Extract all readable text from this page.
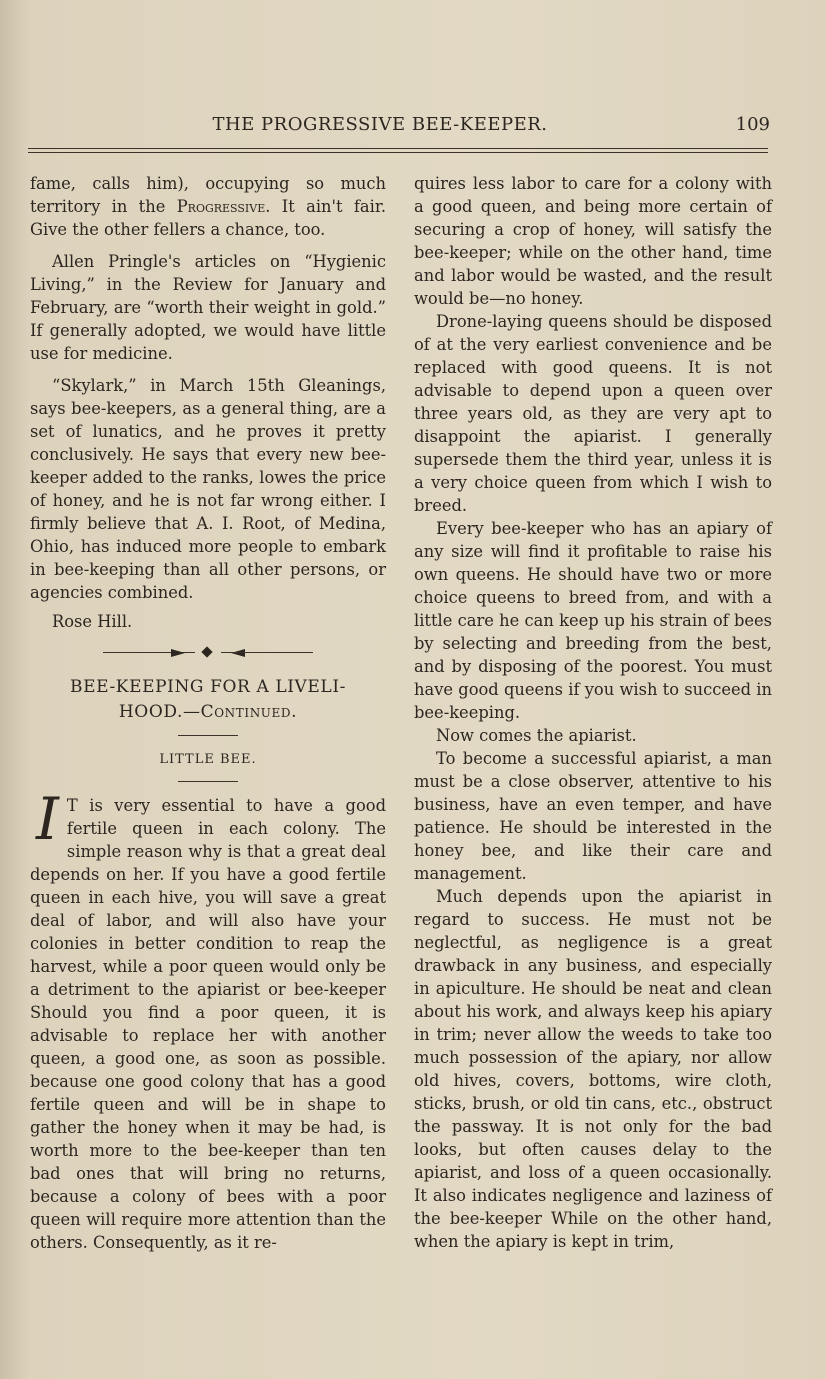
THE PROGRESSIVE BEE-KEEPER.	109

fame, calls him), occupying so much territory in the Progressive. It ain't fair. Give the other fellers a chance, too.

Allen Pringle's articles on “Hygienic Living,” in the Review for January and February, are “worth their weight in gold.” If generally adopted, we would have little use for medicine.

“Skylark,” in March 15th Gleanings, says bee-keepers, as a general thing, are a set of lunatics, and he proves it pretty conclusively. He says that every new bee-keeper added to the ranks, lowes the price of honey, and he is not far wrong either. I firmly believe that A. I. Root, of Medina, Ohio, has induced more people to embark in bee-keeping than all other persons, or agencies combined.

Rose Hill.

BEE-KEEPING FOR A LIVELI-
HOOD.—Continued.

LITTLE BEE.

I T is very essential to have a good fertile queen in each colony. The simple reason why is that a great deal depends on her. If you have a good fertile queen in each hive, you will save a great deal of labor, and will also have your colonies in better condition to reap the harvest, while a poor queen would only be a detriment to the apiarist or bee-keeper Should you find a poor queen, it is advisable to replace her with another queen, a good one, as soon as possible. because one good colony that has a good fertile queen and will be in shape to gather the honey when it may be had, is worth more to the bee-keeper than ten bad ones that will bring no returns, because a colony of bees with a poor queen will require more attention than the others. Consequently, as it re-

quires less labor to care for a colony with a good queen, and being more certain of securing a crop of honey, will satisfy the bee-keeper; while on the other hand, time and labor would be wasted, and the result would be—no honey.

Drone-laying queens should be disposed of at the very earliest convenience and be replaced with good queens. It is not advisable to depend upon a queen over three years old, as they are very apt to disappoint the apiarist. I generally supersede them the third year, unless it is a very choice queen from which I wish to breed.

Every bee-keeper who has an apiary of any size will find it profitable to raise his own queens. He should have two or more choice queens to breed from, and with a little care he can keep up his strain of bees by selecting and breeding from the best, and by disposing of the poorest. You must have good queens if you wish to succeed in bee-keeping.

Now comes the apiarist.

To become a successful apiarist, a man must be a close observer, attentive to his business, have an even temper, and have patience. He should be interested in the honey bee, and like their care and management.

Much depends upon the apiarist in regard to success. He must not be neglectful, as negligence is a great drawback in any business, and especially in apiculture. He should be neat and clean about his work, and always keep his apiary in trim; never allow the weeds to take too much possession of the apiary, nor allow old hives, covers, bottoms, wire cloth, sticks, brush, or old tin cans, etc., obstruct the passway. It is not only for the bad looks, but often causes delay to the apiarist, and loss of a queen occasionally. It also indicates negligence and laziness of the bee-keeper While on the other hand, when the apiary is kept in trim,
